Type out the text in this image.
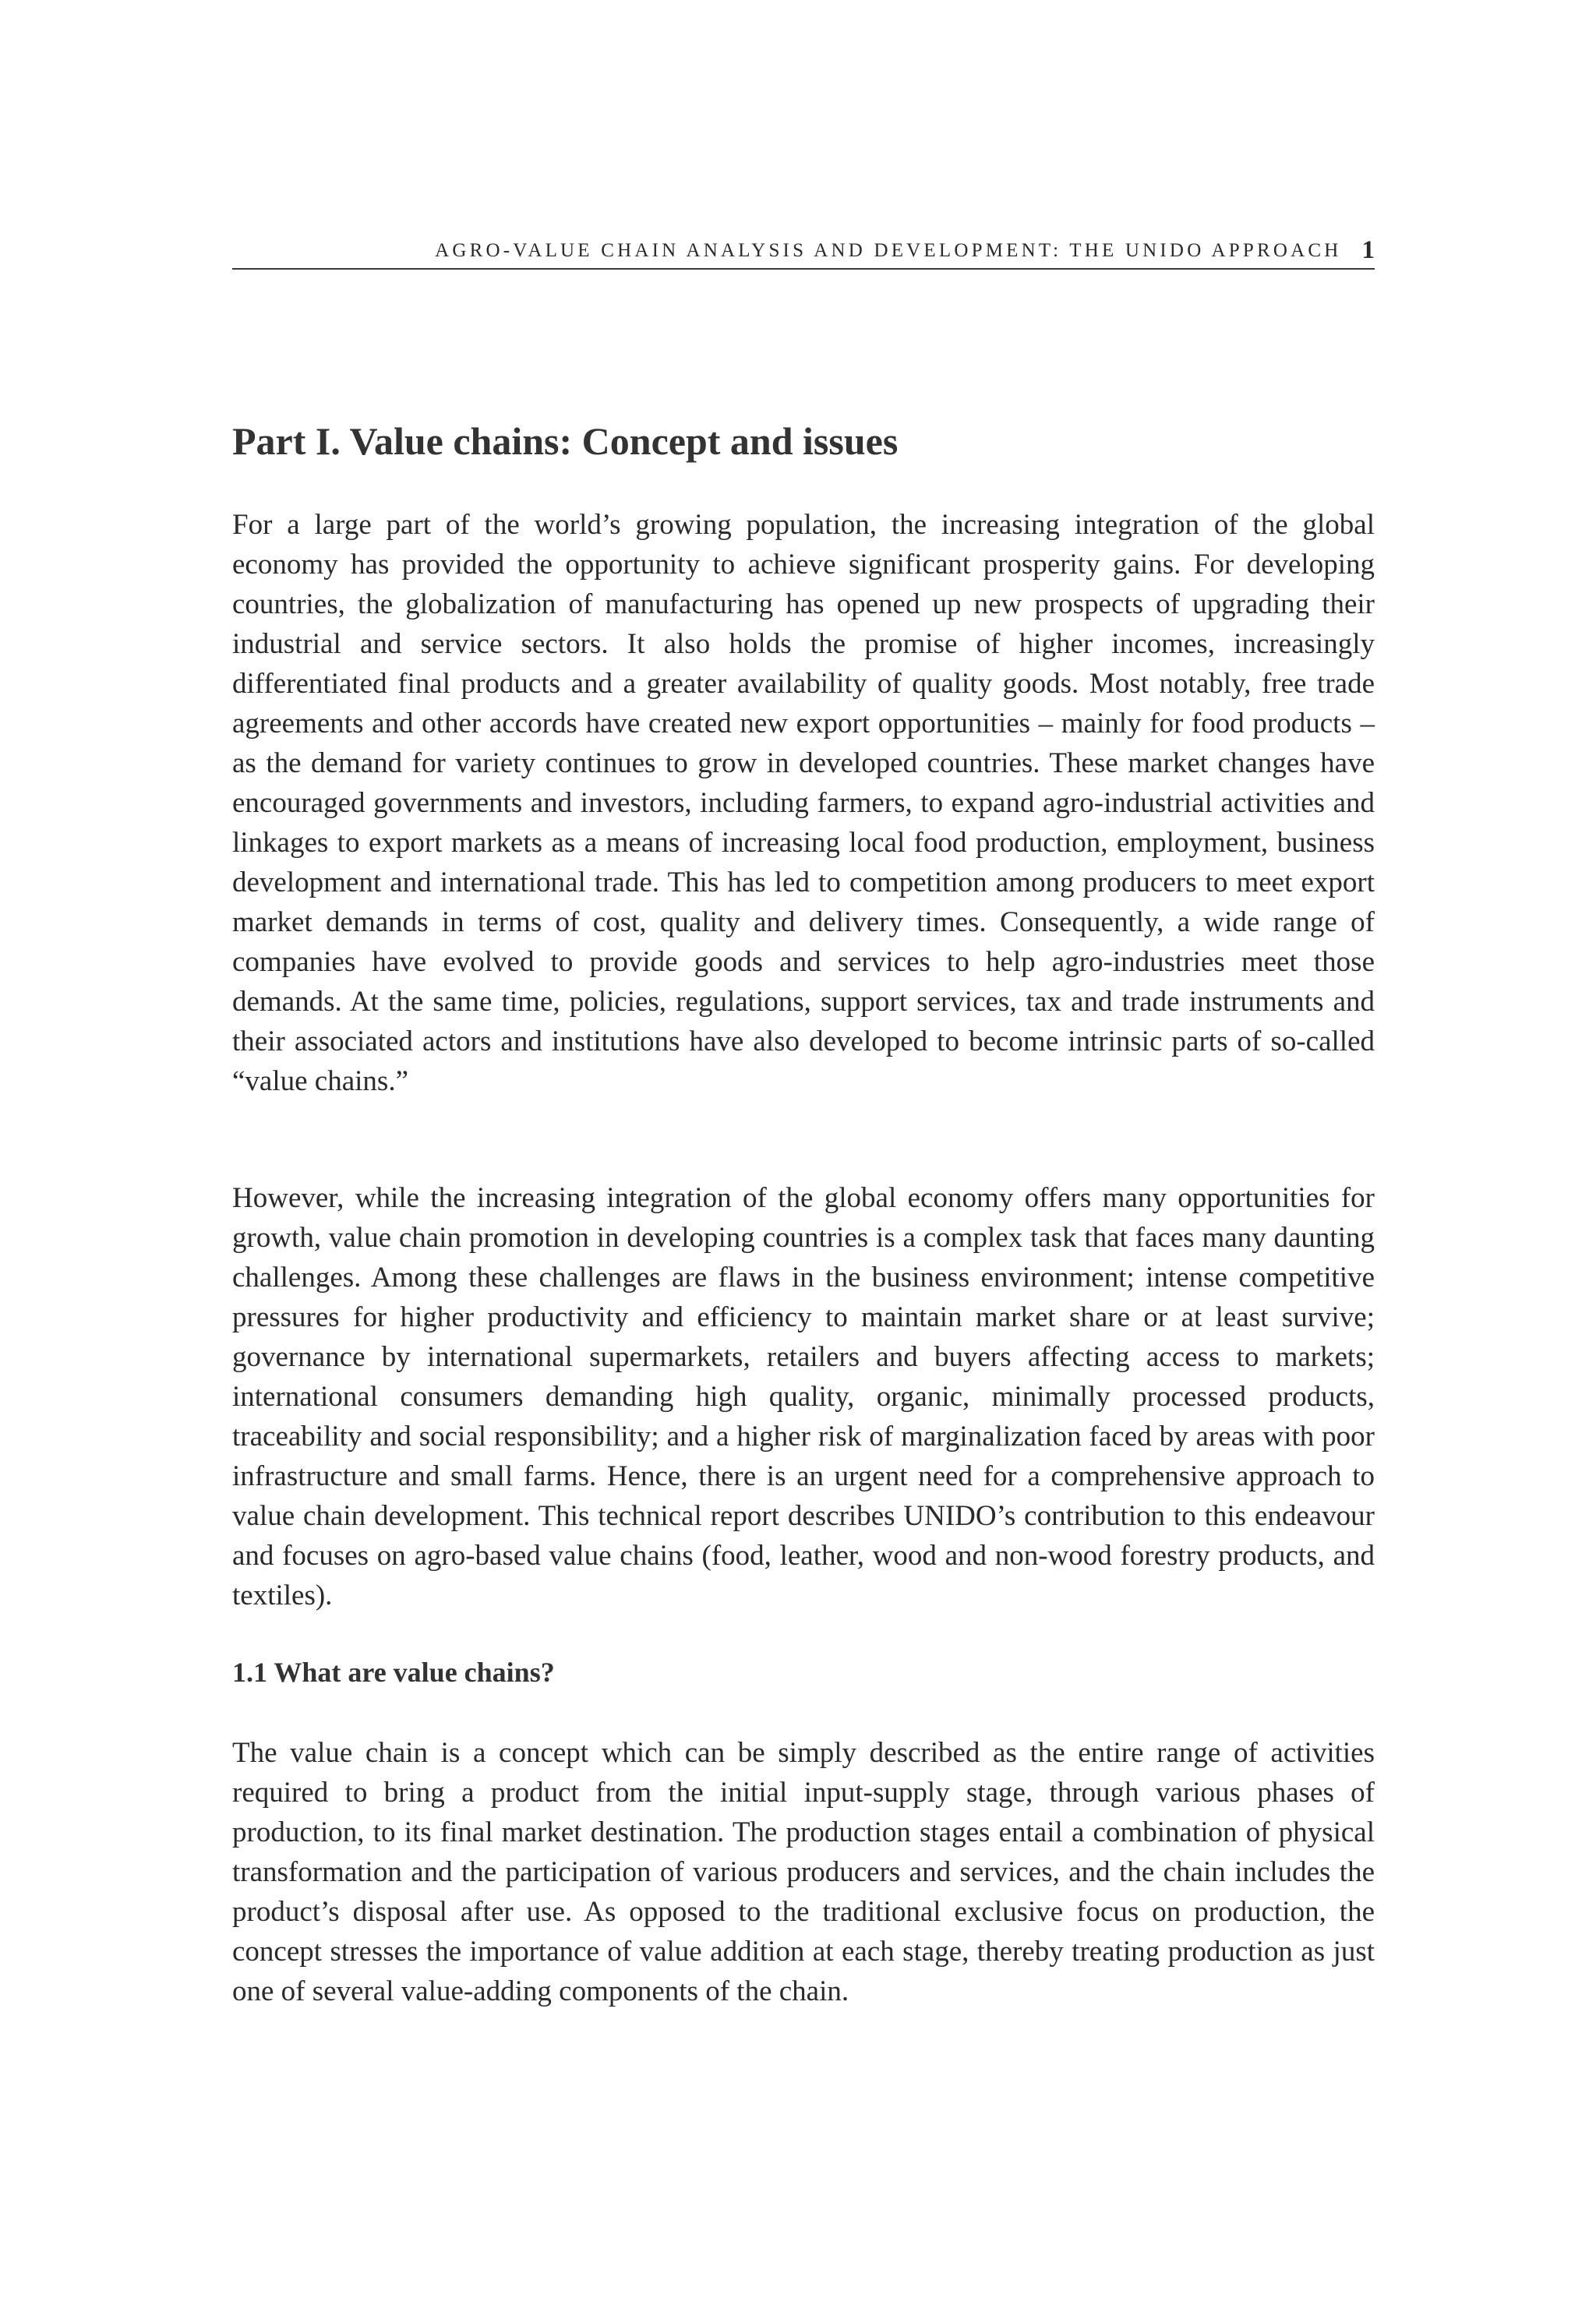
AGRO-VALUE CHAIN ANALYSIS AND DEVELOPMENT: THE UNIDO APPROACH 1
Part I. Value chains: Concept and issues

For a large part of the world’s growing population, the increasing integration of the global economy has provided the opportunity to achieve significant prosperity gains. For developing countries, the globalization of manufacturing has opened up new prospects of upgrading their industrial and service sectors. It also holds the promise of higher incomes, increasingly differentiated final products and a greater availability of quality goods. Most notably, free trade agreements and other accords have created new export opportunities – mainly for food products – as the demand for variety continues to grow in developed countries. These market changes have encouraged governments and investors, including farmers, to expand agro-industrial activities and linkages to export markets as a means of increasing local food production, employment, business development and international trade. This has led to competition among producers to meet export market demands in terms of cost, quality and delivery times. Consequently, a wide range of companies have evolved to provide goods and services to help agro-industries meet those demands. At the same time, policies, regulations, support services, tax and trade instruments and their associated actors and institutions have also developed to become intrinsic parts of so-called “value chains.”

However, while the increasing integration of the global economy offers many opportunities for growth, value chain promotion in developing countries is a complex task that faces many daunting challenges. Among these challenges are flaws in the business environment; intense competitive pressures for higher productivity and efficiency to maintain market share or at least survive; governance by international supermarkets, retailers and buyers affecting access to markets; international consumers demanding high quality, organic, minimally processed products, traceability and social responsibility; and a higher risk of marginalization faced by areas with poor infrastructure and small farms. Hence, there is an urgent need for a comprehensive approach to value chain development. This technical report describes UNIDO’s contribution to this endeavour and focuses on agro-based value chains (food, leather, wood and non-wood forestry products, and textiles).

1.1 What are value chains?

The value chain is a concept which can be simply described as the entire range of activities required to bring a product from the initial input-supply stage, through various phases of production, to its final market destination. The production stages entail a combination of physical transformation and the participation of various producers and services, and the chain includes the product’s disposal after use. As opposed to the traditional exclusive focus on production, the concept stresses the importance of value addition at each stage, thereby treating production as just one of several value-adding components of the chain.
